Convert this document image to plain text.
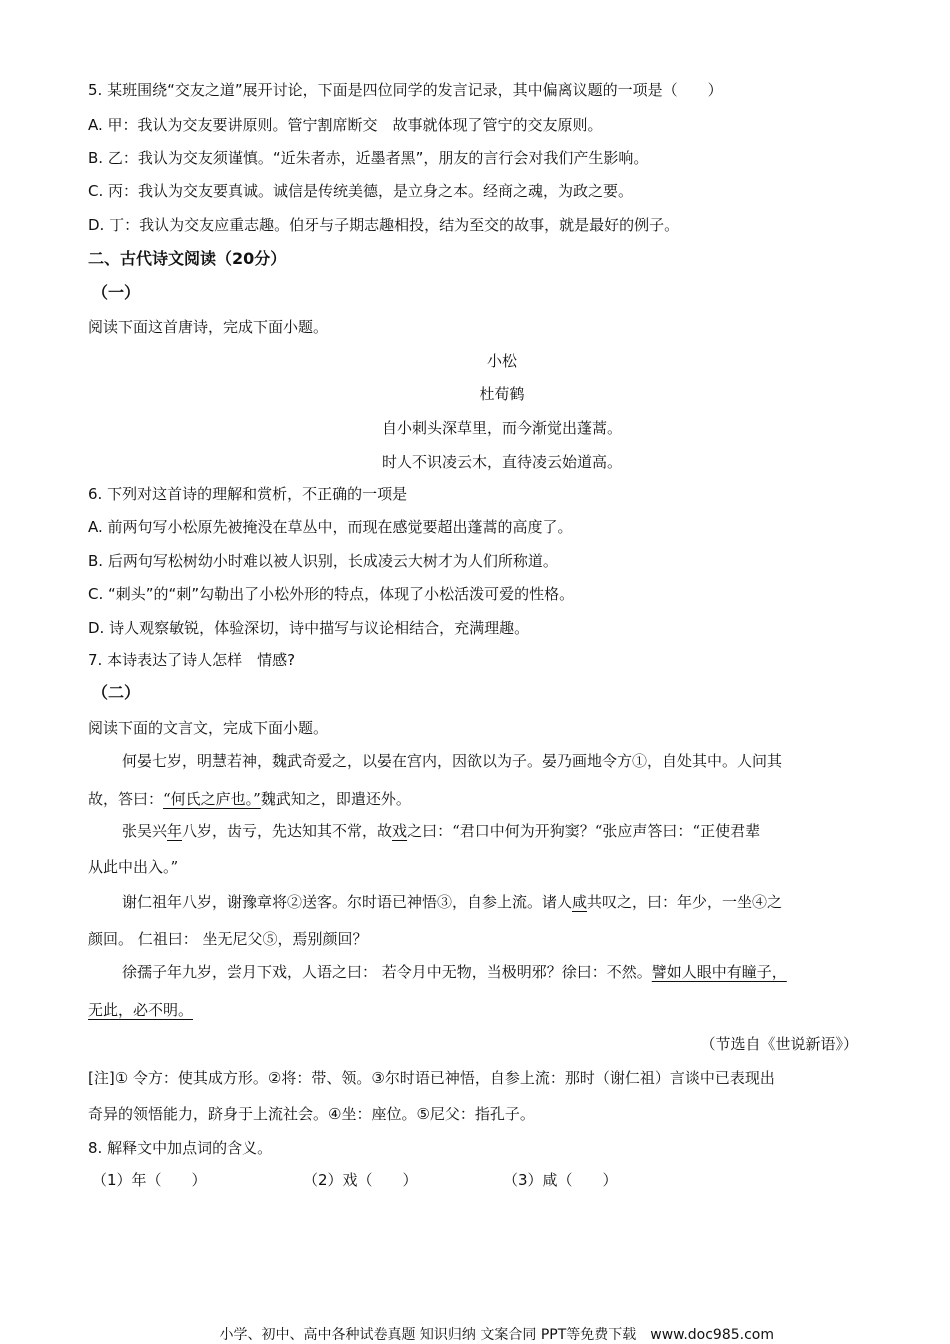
5. 某班围绕“交友之道”展开讨论，下面是四位同学的发言记录，其中偏离议题的一项是（　　）
A. 甲：我认为交友要讲原则。管宁割席断交　故事就体现了管宁的交友原则。
B. 乙：我认为交友须谨慎。“近朱者赤，近墨者黑”，朋友的言行会对我们产生影响。
C. 丙：我认为交友要真诚。诚信是传统美德，是立身之本。经商之魂，为政之要。
D. 丁：我认为交友应重志趣。伯牙与子期志趣相投，结为至交的故事，就是最好的例子。
二、古代诗文阅读（20分）
（一）
阅读下面这首唐诗，完成下面小题。
小松
杜荀鹤
自小刺头深草里，而今渐觉出蓬蒿。
时人不识凌云木，直待凌云始道高。
6. 下列对这首诗的理解和赏析，不正确的一项是
A. 前两句写小松原先被掩没在草丛中，而现在感觉要超出蓬蒿的高度了。
B. 后两句写松树幼小时难以被人识别，长成凌云大树才为人们所称道。
C. “刺头”的“刺”勾勒出了小松外形的特点，体现了小松活泼可爱的性格。
D. 诗人观察敏锐，体验深切，诗中描写与议论相结合，充满理趣。
7. 本诗表达了诗人怎样　情感?
（二）
阅读下面的文言文，完成下面小题。
何晏七岁，明慧若神，魏武奇爱之，以晏在宫内，因欲以为子。晏乃画地令方①，自处其中。人问其
故，答曰：“何氏之庐也。”魏武知之，即遣还外。
张吴兴年八岁，齿亏，先达知其不常，故戏之曰：“君口中何为开狗窦？“张应声答曰：“正使君辈
从此中出入。”
谢仁祖年八岁，谢豫章将②送客。尔时语已神悟③，自参上流。诸人咸共叹之，曰：年少，一坐④之
颜回。 仁祖曰： 坐无尼父⑤，焉别颜回？
徐孺子年九岁，尝月下戏，人语之曰： 若令月中无物，当极明邪？徐曰：不然。譬如人眼中有瞳子，
无此，必不明。
（节选自《世说新语》）
[注]① 令方：使其成方形。②将：带、领。③尔时语已神悟，自参上流：那时（谢仁祖）言谈中已表现出
奇异的领悟能力，跻身于上流社会。④坐：座位。⑤尼父：指孔子。
8. 解释文中加点词的含义。
（1）年（　　）	（2）戏（　　）	（3）咸（　　）
小学、初中、高中各种试卷真题 知识归纳 文案合同 PPT等免费下载　www.doc985.com
